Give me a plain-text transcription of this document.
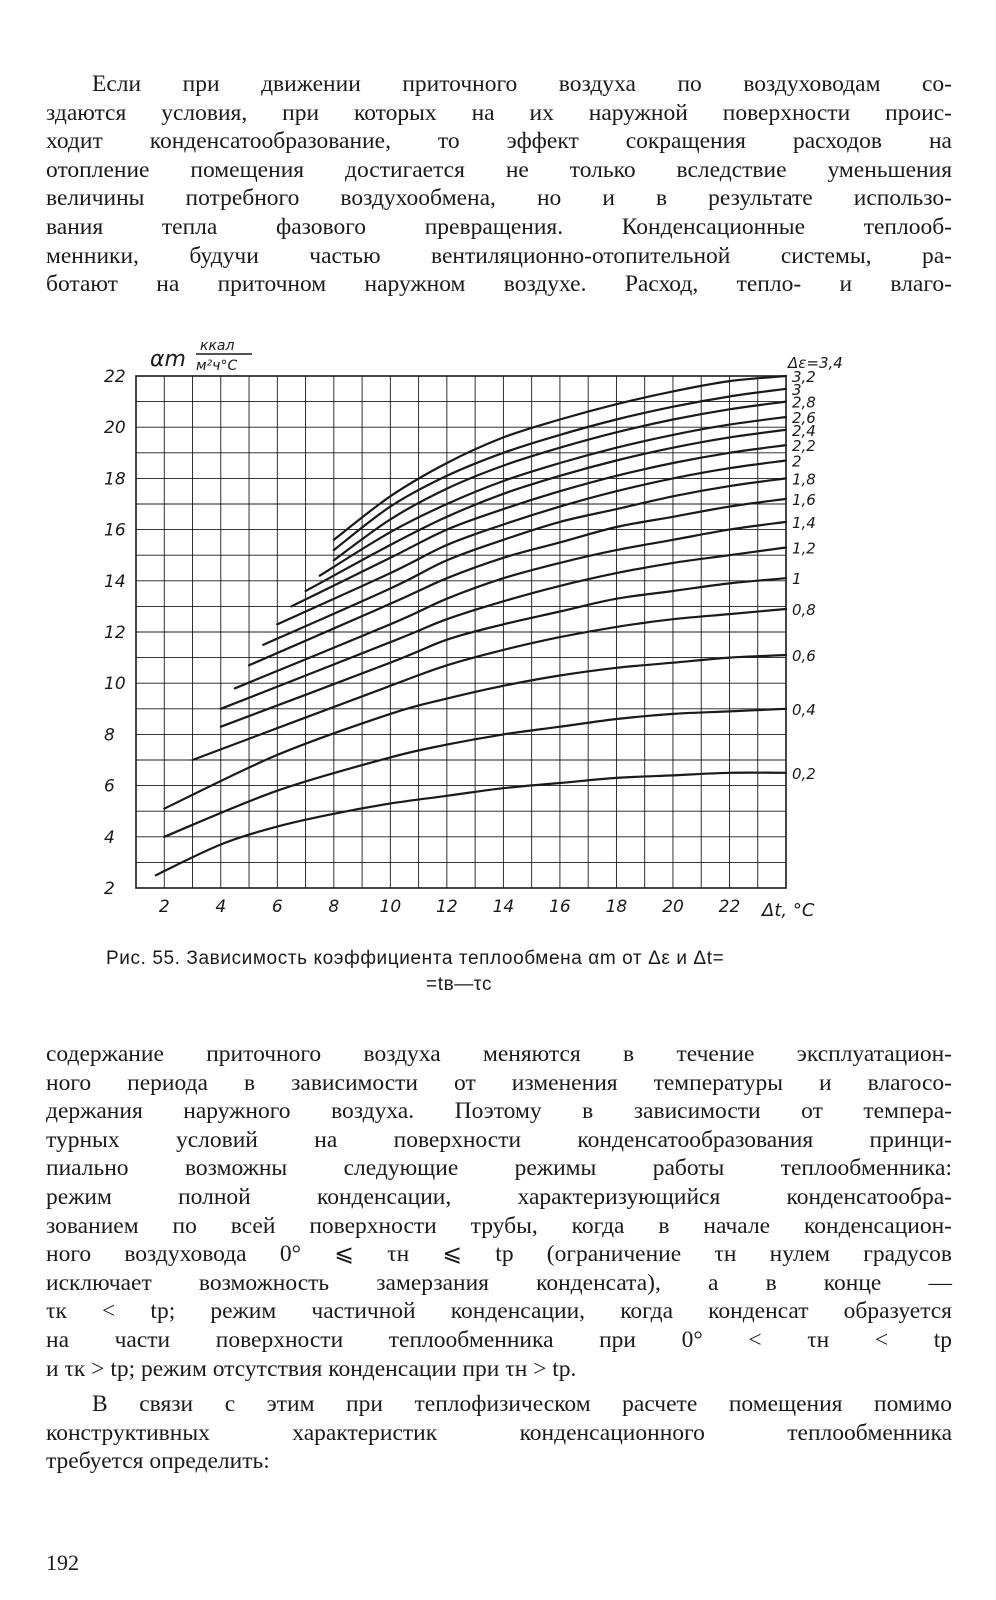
Если при движении приточного воздуха по воздуховодам со-
здаются условия, при которых на их наружной поверхности проис-
ходит конденсатообразование, то эффект сокращения расходов на
отопление помещения достигается не только вследствие уменьшения
величины потребного воздухообмена, но и в результате использо-
вания тепла фазового превращения. Конденсационные теплооб-
менники, будучи частью вентиляционно-отопительной системы, ра-
ботают на приточном наружном воздухе. Расход, тепло- и влаго-
2	4	6	8 10 12 14 16 18 20 22
2
4
6
8
10
12
14
16
18
20
22	3,2
3
2,8
2,6
2,4
2,2
2
1,8
1,6
1,4
1,2
1
0,8
0,6
0,4
0,2
αm
ккал
м²ч°C	Δε=3,4
Δt, °C
Рис. 55. Зависимость коэффициента теплообмена αm от Δε и Δt=
=tв—τс
содержание приточного воздуха меняются в течение эксплуатацион-
ного периода в зависимости от изменения температуры и влагосо-
держания наружного воздуха. Поэтому в зависимости от темпера-
турных условий на поверхности конденсатообразования принци-
пиально возможны следующие режимы работы теплообменника:
режим полной конденсации, характеризующийся конденсатообра-
зованием по всей поверхности трубы, когда в начале конденсацион-
ного воздуховода 0° ⩽ τн ⩽ tр (ограничение τн нулем градусов
исключает возможность замерзания конденсата), а в конце —
τк < tр; режим частичной конденсации, когда конденсат образуется
на части поверхности теплообменника при 0° < τн < tр
и τк > tр; режим отсутствия конденсации при τн > tр.
В связи с этим при теплофизическом расчете помещения помимо
конструктивных характеристик конденсационного теплообменника
требуется определить:
192
